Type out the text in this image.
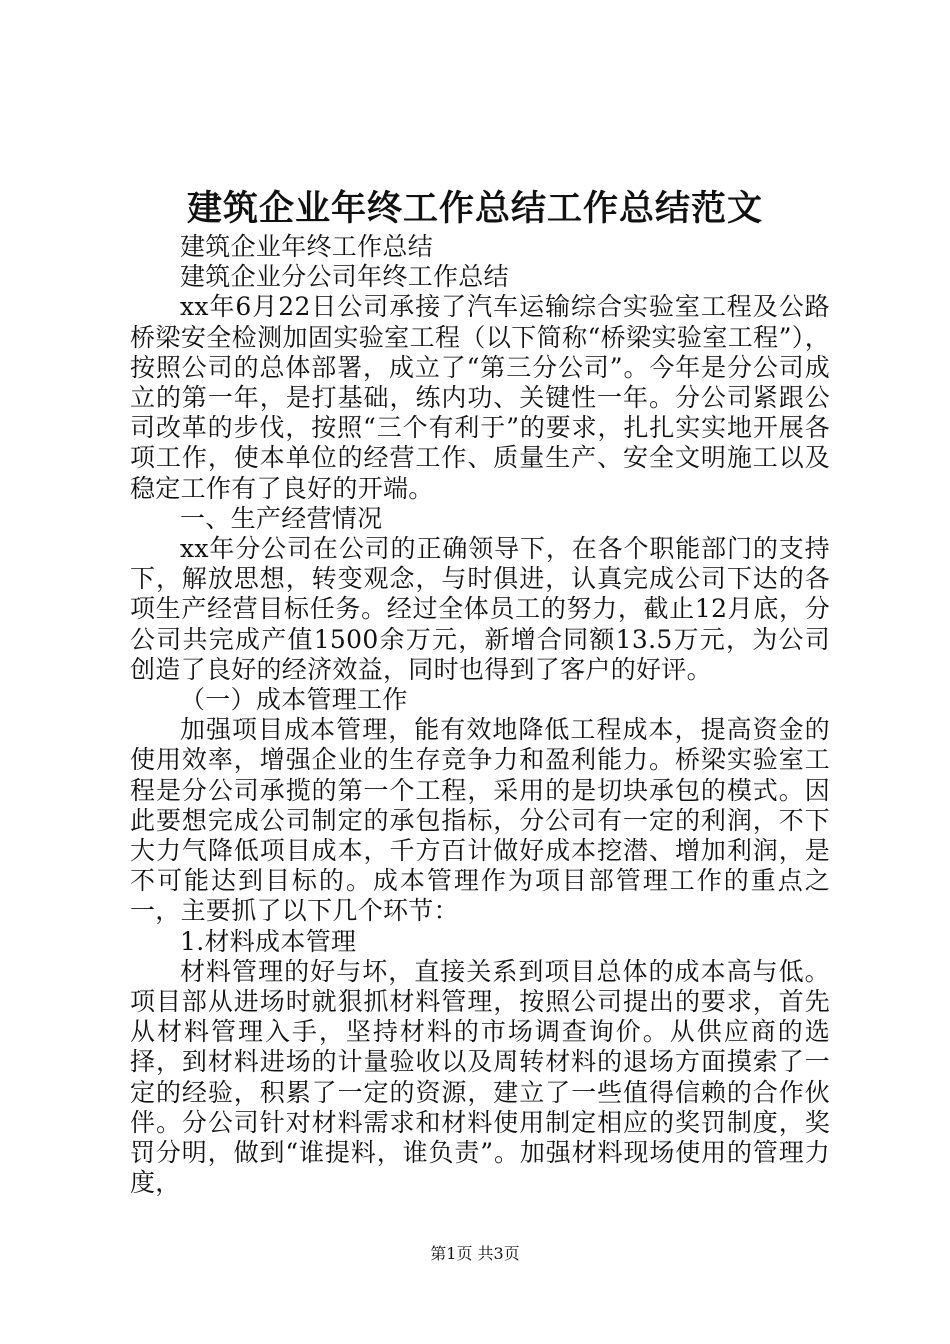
建筑企业年终工作总结工作总结范文

建筑企业年终工作总结

建筑企业分公司年终工作总结

xx年6月22日公司承接了汽车运输综合实验室工程及公路桥梁安全检测加固实验室工程（以下简称“桥梁实验室工程”），按照公司的总体部署，成立了“第三分公司”。今年是分公司成立的第一年，是打基础，练内功、关键性一年。分公司紧跟公司改革的步伐，按照“三个有利于”的要求，扎扎实实地开展各项工作，使本单位的经营工作、质量生产、安全文明施工以及稳定工作有了良好的开端。

一、生产经营情况

xx年分公司在公司的正确领导下，在各个职能部门的支持下，解放思想，转变观念，与时俱进，认真完成公司下达的各项生产经营目标任务。经过全体员工的努力，截止12月底，分公司共完成产值1500余万元，新增合同额13.5万元，为公司创造了良好的经济效益，同时也得到了客户的好评。

（一）成本管理工作

加强项目成本管理，能有效地降低工程成本，提高资金的使用效率，增强企业的生存竞争力和盈利能力。桥梁实验室工程是分公司承揽的第一个工程，采用的是切块承包的模式。因此要想完成公司制定的承包指标，分公司有一定的利润，不下大力气降低项目成本，千方百计做好成本挖潜、增加利润，是不可能达到目标的。成本管理作为项目部管理工作的重点之一，主要抓了以下几个环节：

1.材料成本管理

材料管理的好与坏，直接关系到项目总体的成本高与低。项目部从进场时就狠抓材料管理，按照公司提出的要求，首先从材料管理入手，坚持材料的市场调查询价。从供应商的选择，到材料进场的计量验收以及周转材料的退场方面摸索了一定的经验，积累了一定的资源，建立了一些值得信赖的合作伙伴。分公司针对材料需求和材料使用制定相应的奖罚制度，奖罚分明，做到“谁提料，谁负责”。加强材料现场使用的管理力度，

第1页 共3页
